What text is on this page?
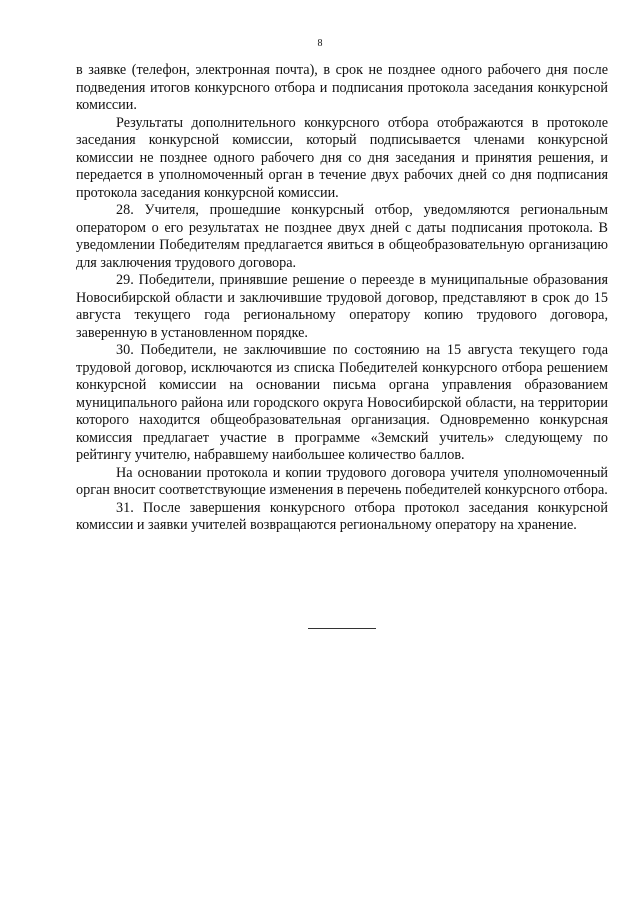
8

в заявке (телефон, электронная почта), в срок не позднее одного рабочего дня после подведения итогов конкурсного отбора и подписания протокола заседания конкурсной комиссии.

Результаты дополнительного конкурсного отбора отображаются в протоколе заседания конкурсной комиссии, который подписывается членами конкурсной комиссии не позднее одного рабочего дня со дня заседания и принятия решения, и передается в уполномоченный орган в течение двух рабочих дней со дня подписания протокола заседания конкурсной комиссии.

28. Учителя, прошедшие конкурсный отбор, уведомляются региональным оператором о его результатах не позднее двух дней с даты подписания протокола. В уведомлении Победителям предлагается явиться в общеобразовательную организацию для заключения трудового договора.

29. Победители, принявшие решение о переезде в муниципальные образования Новосибирской области и заключившие трудовой договор, представляют в срок до 15 августа текущего года региональному оператору копию трудового договора, заверенную в установленном порядке.

30. Победители, не заключившие по состоянию на 15 августа текущего года трудовой договор, исключаются из списка Победителей конкурсного отбора решением конкурсной комиссии на основании письма органа управления образованием муниципального района или городского округа Новосибирской области, на территории которого находится общеобразовательная организация. Одновременно конкурсная комиссия предлагает участие в программе «Земский учитель» следующему по рейтингу учителю, набравшему наибольшее количество баллов.

На основании протокола и копии трудового договора учителя уполномоченный орган вносит соответствующие изменения в перечень победителей конкурсного отбора.

31. После завершения конкурсного отбора протокол заседания конкурсной комиссии и заявки учителей возвращаются региональному оператору на хранение.
